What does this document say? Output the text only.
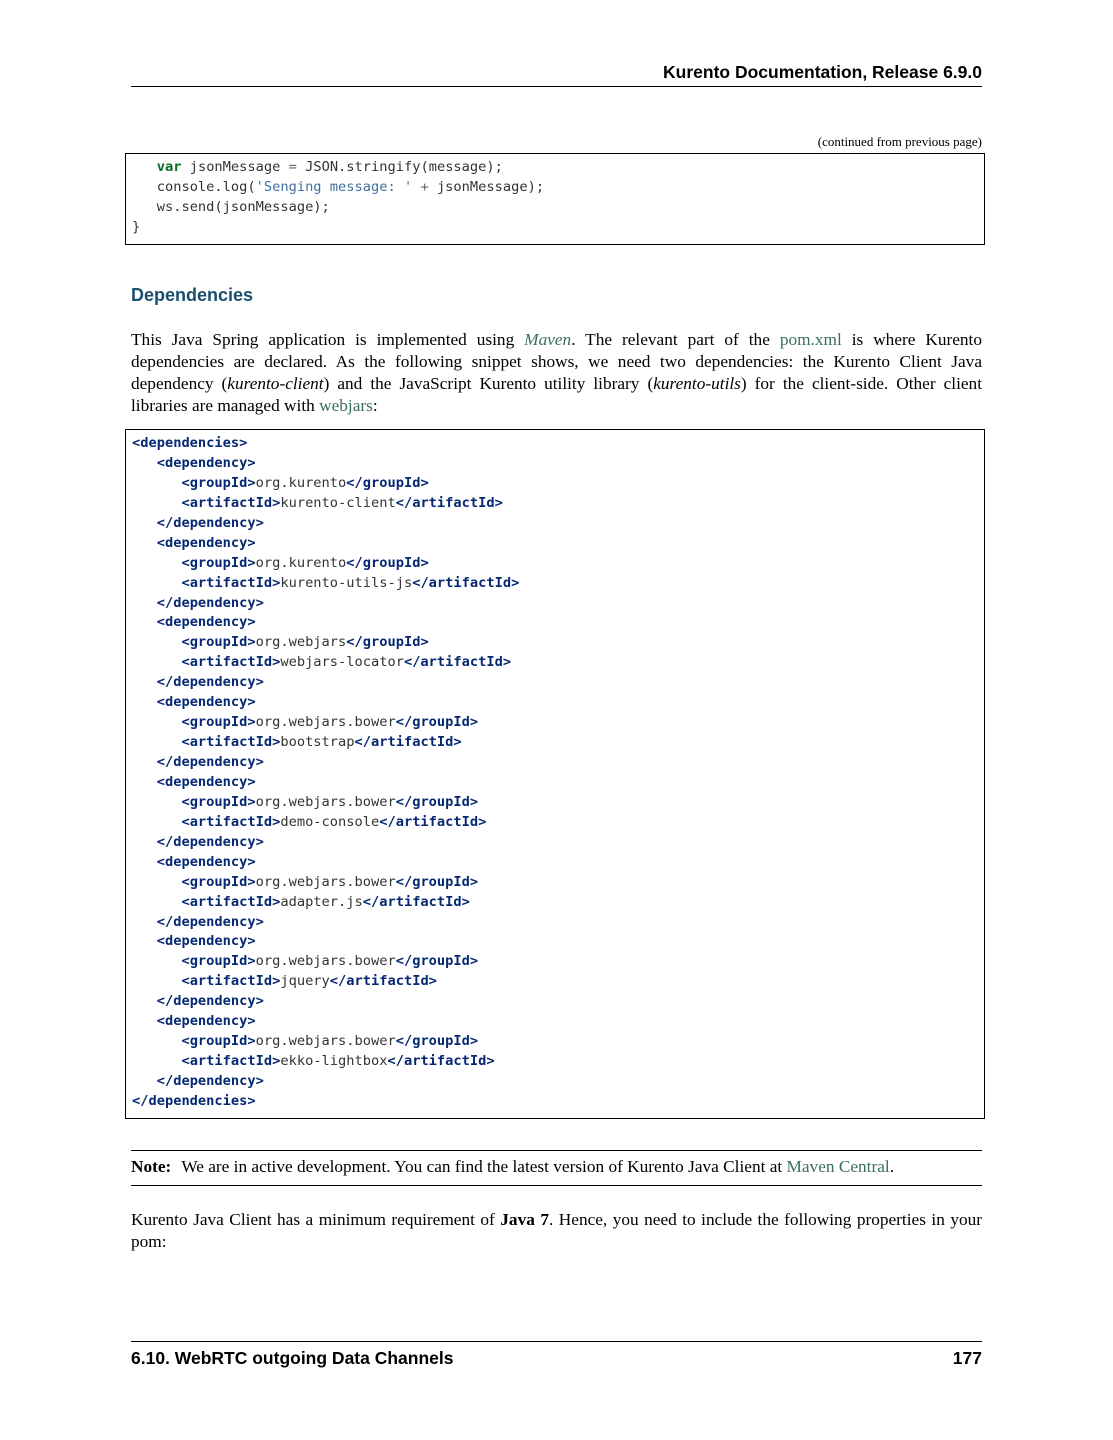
Kurento Documentation, Release 6.9.0
(continued from previous page)
var jsonMessage = JSON.stringify(message);
console.log('Senging message: ' + jsonMessage);
ws.send(jsonMessage);
}
Dependencies

This Java Spring application is implemented using Maven. The relevant part of the pom.xml is where Kurento dependencies are declared. As the following snippet shows, we need two dependencies: the Kurento Client Java dependency (kurento-client) and the JavaScript Kurento utility library (kurento-utils) for the client-side. Other client libraries are managed with webjars:

<dependencies>
<dependency>
<groupId>org.kurento</groupId>
<artifactId>kurento-client</artifactId>
</dependency>
<dependency>
<groupId>org.kurento</groupId>
<artifactId>kurento-utils-js</artifactId>
</dependency>
<dependency>
<groupId>org.webjars</groupId>
<artifactId>webjars-locator</artifactId>
</dependency>
<dependency>
<groupId>org.webjars.bower</groupId>
<artifactId>bootstrap</artifactId>
</dependency>
<dependency>
<groupId>org.webjars.bower</groupId>
<artifactId>demo-console</artifactId>
</dependency>
<dependency>
<groupId>org.webjars.bower</groupId>
<artifactId>adapter.js</artifactId>
</dependency>
<dependency>
<groupId>org.webjars.bower</groupId>
<artifactId>jquery</artifactId>
</dependency>
<dependency>
<groupId>org.webjars.bower</groupId>
<artifactId>ekko-lightbox</artifactId>
</dependency>
</dependencies>
Note: We are in active development. You can find the latest version of Kurento Java Client at Maven Central.

Kurento Java Client has a minimum requirement of Java 7. Hence, you need to include the following properties in your pom:

6.10. WebRTC outgoing Data Channels	177
